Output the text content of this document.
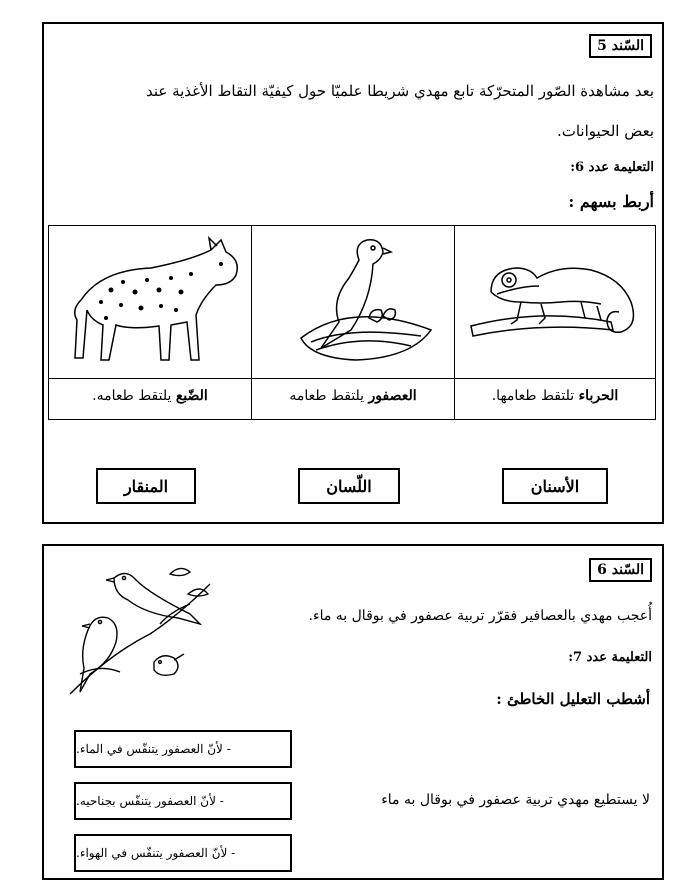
السّند 5
بعد مشاهدة الصّور المتحرّكة تابع مهدي شريطا علميّا حول كيفيّة التقاط الأغذية عند
بعض الحيوانات.
التعليمة عدد 6:
أربط بسهم :
الضّبع يلتقط طعامه.	العصفور يلتقط طعامه	الحرباء تلتقط طعامها.
المنقار	اللّسان	الأسنان
السّند 6
أُعجب مهدي بالعصافير فقرّر تربية عصفور في بوقال به ماء.
التعليمة عدد 7:
أشطب التعليل الخاطئ :
- لأنّ العصفور يتنفّس في الماء.
- لأنّ العصفور يتنفّس بجناحيه.
- لأنّ العصفور يتنفّس في الهواء.
لا يستطيع مهدي تربية عصفور في بوقال به ماء
